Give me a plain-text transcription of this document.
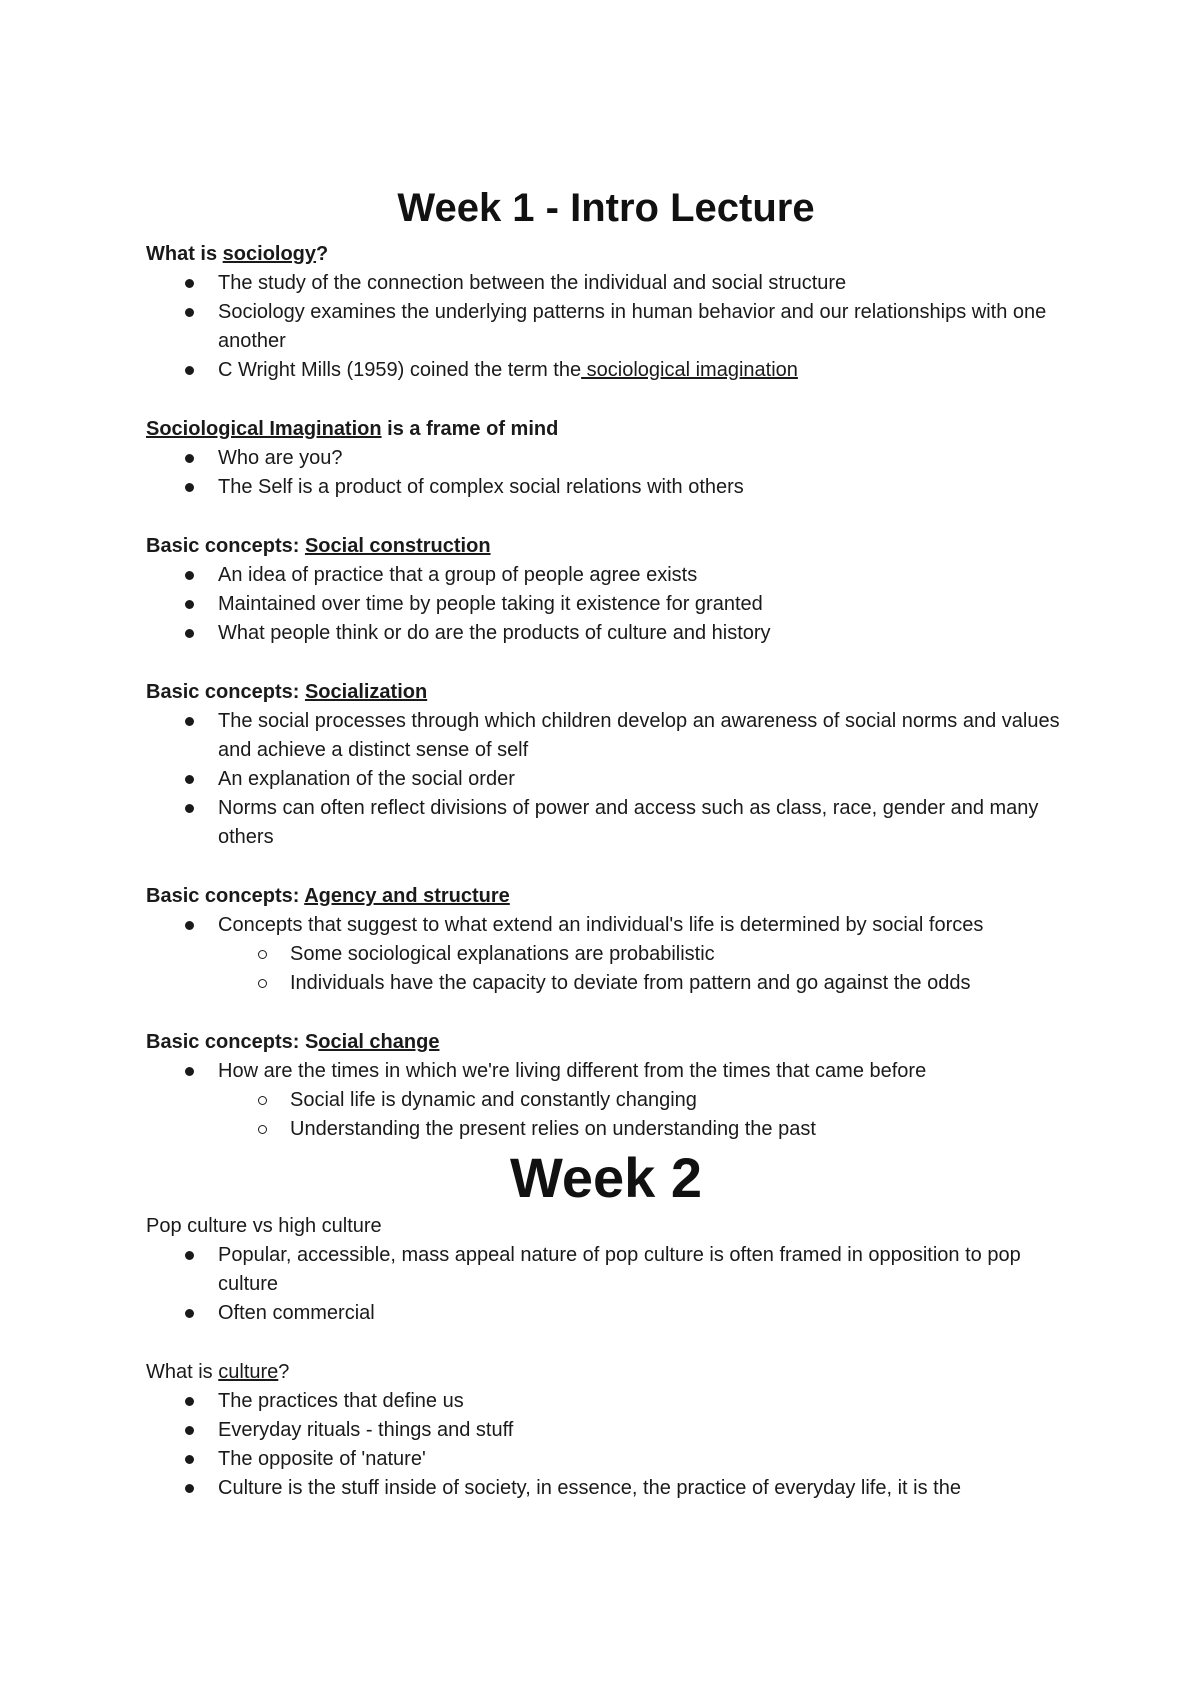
Week 1 - Intro Lecture
What is sociology?
The study of the connection between the individual and social structure
Sociology examines the underlying patterns in human behavior and our relationships with one another
C Wright Mills (1959) coined the term the sociological imagination
Sociological Imagination is a frame of mind
Who are you?
The Self is a product of complex social relations with others
Basic concepts: Social construction
An idea of practice that a group of people agree exists
Maintained over time by people taking it existence for granted
What people think or do are the products of culture and history
Basic concepts: Socialization
The social processes through which children develop an awareness of social norms and values and achieve a distinct sense of self
An explanation of the social order
Norms can often reflect divisions of power and access such as class, race, gender and many others
Basic concepts: Agency and structure
Concepts that suggest to what extend an individual's life is determined by social forces
Some sociological explanations are probabilistic
Individuals have the capacity to deviate from pattern and go against the odds
Basic concepts: Social change
How are the times in which we're living different from the times that came before
Social life is dynamic and constantly changing
Understanding the present relies on understanding the past
Week 2
Pop culture vs high culture
Popular, accessible, mass appeal nature of pop culture is often framed in opposition to pop culture
Often commercial
What is culture?
The practices that define us
Everyday rituals - things and stuff
The opposite of 'nature'
Culture is the stuff inside of society, in essence, the practice of everyday life, it is the
